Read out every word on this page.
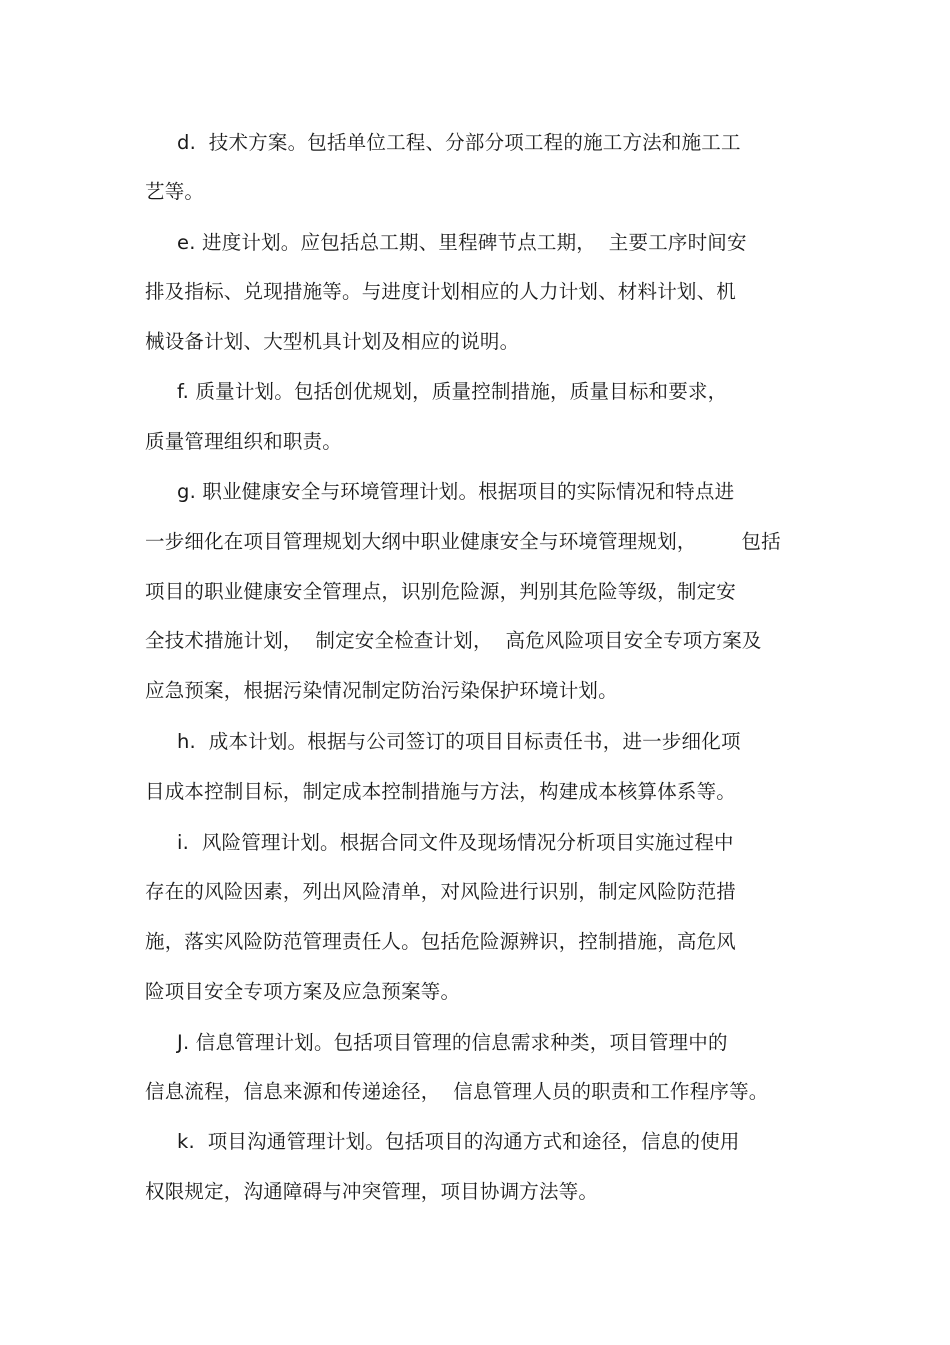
d.  技术方案。包括单位工程、分部分项工程的施工方法和施工工
艺等。
e. 进度计划。应包括总工期、里程碑节点工期，  主要工序时间安
排及指标、兑现措施等。与进度计划相应的人力计划、材料计划、机
械设备计划、大型机具计划及相应的说明。
f. 质量计划。包括创优规划，质量控制措施，质量目标和要求，
质量管理组织和职责。
g. 职业健康安全与环境管理计划。根据项目的实际情况和特点进
一步细化在项目管理规划大纲中职业健康安全与环境管理规划，       包括
项目的职业健康安全管理点，识别危险源，判别其危险等级，制定安
全技术措施计划，  制定安全检查计划，  高危风险项目安全专项方案及
应急预案，根据污染情况制定防治污染保护环境计划。
h.  成本计划。根据与公司签订的项目目标责任书，进一步细化项
目成本控制目标，制定成本控制措施与方法，构建成本核算体系等。
i.  风险管理计划。根据合同文件及现场情况分析项目实施过程中
存在的风险因素，列出风险清单，对风险进行识别，制定风险防范措
施，落实风险防范管理责任人。包括危险源辨识，控制措施，高危风
险项目安全专项方案及应急预案等。
J. 信息管理计划。包括项目管理的信息需求种类，项目管理中的
信息流程，信息来源和传递途径，  信息管理人员的职责和工作程序等。
k.  项目沟通管理计划。包括项目的沟通方式和途径，信息的使用
权限规定，沟通障碍与冲突管理，项目协调方法等。
